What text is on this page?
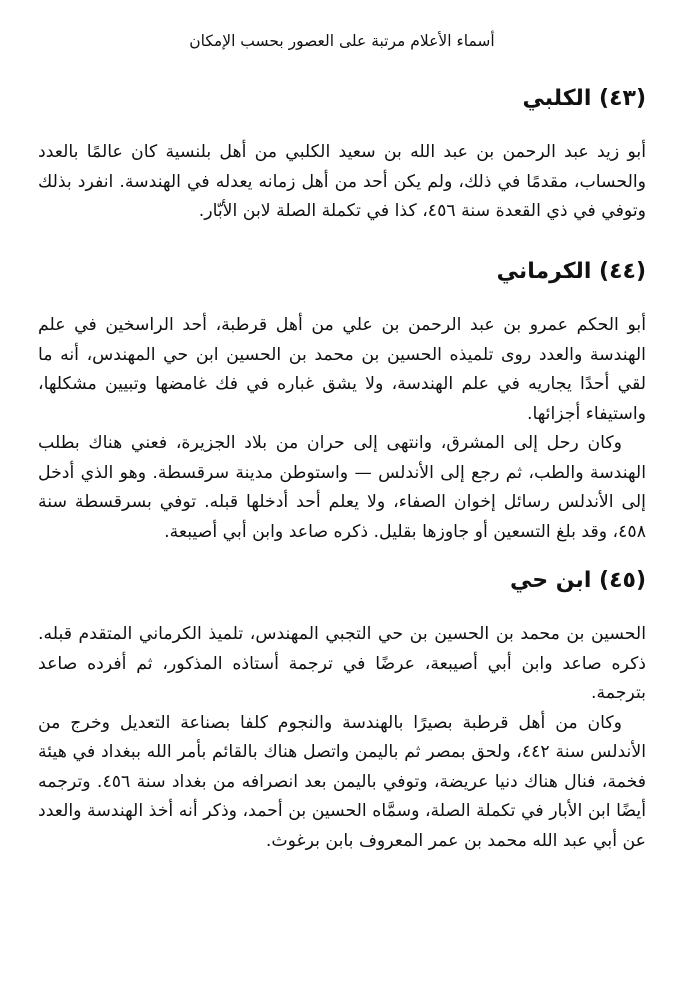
أسماء الأعلام مرتبة على العصور بحسب الإمكان
(٤٣) الكلبي

أبو زيد عبد الرحمن بن عبد الله بن سعيد الكلبي من أهل بلنسية كان عالمًا بالعدد والحساب، مقدمًا في ذلك، ولم يكن أحد من أهل زمانه يعدله في الهندسة. انفرد بذلك وتوفي في ذي القعدة سنة ٤٥٦، كذا في تكملة الصلة لابن الأبّار.

(٤٤) الكرماني

أبو الحكم عمرو بن عبد الرحمن بن علي من أهل قرطبة، أحد الراسخين في علم الهندسة والعدد روى تلميذه الحسين بن محمد بن الحسين ابن حي المهندس، أنه ما لقي أحدًا يجاريه في علم الهندسة، ولا يشق غباره في فك غامضها وتبيين مشكلها، واستيفاء أجزائها.

وكان رحل إلى المشرق، وانتهى إلى حران من بلاد الجزيرة، فعني هناك بطلب الهندسة والطب، ثم رجع إلى الأندلس — واستوطن مدينة سرقسطة. وهو الذي أدخل إلى الأندلس رسائل إخوان الصفاء، ولا يعلم أحد أدخلها قبله. توفي بسرقسطة سنة ٤٥٨، وقد بلغ التسعين أو جاوزها بقليل. ذكره صاعد وابن أبي أصيبعة.

(٤٥) ابن حي

الحسين بن محمد بن الحسين بن حي التجبي المهندس، تلميذ الكرماني المتقدم قبله. ذكره صاعد وابن أبي أصيبعة، عرضًا في ترجمة أستاذه المذكور، ثم أفرده صاعد بترجمة.

وكان من أهل قرطبة بصيرًا بالهندسة والنجوم كلفا بصناعة التعديل وخرج من الأندلس سنة ٤٤٢، ولحق بمصر ثم باليمن واتصل هناك بالقائم بأمر الله ببغداد في هيئة فخمة، فنال هناك دنيا عريضة، وتوفي باليمن بعد انصرافه من بغداد سنة ٤٥٦. وترجمه أيضًا ابن الأبار في تكملة الصلة، وسمَّاه الحسين بن أحمد، وذكر أنه أخذ الهندسة والعدد عن أبي عبد الله محمد بن عمر المعروف بابن برغوث.
